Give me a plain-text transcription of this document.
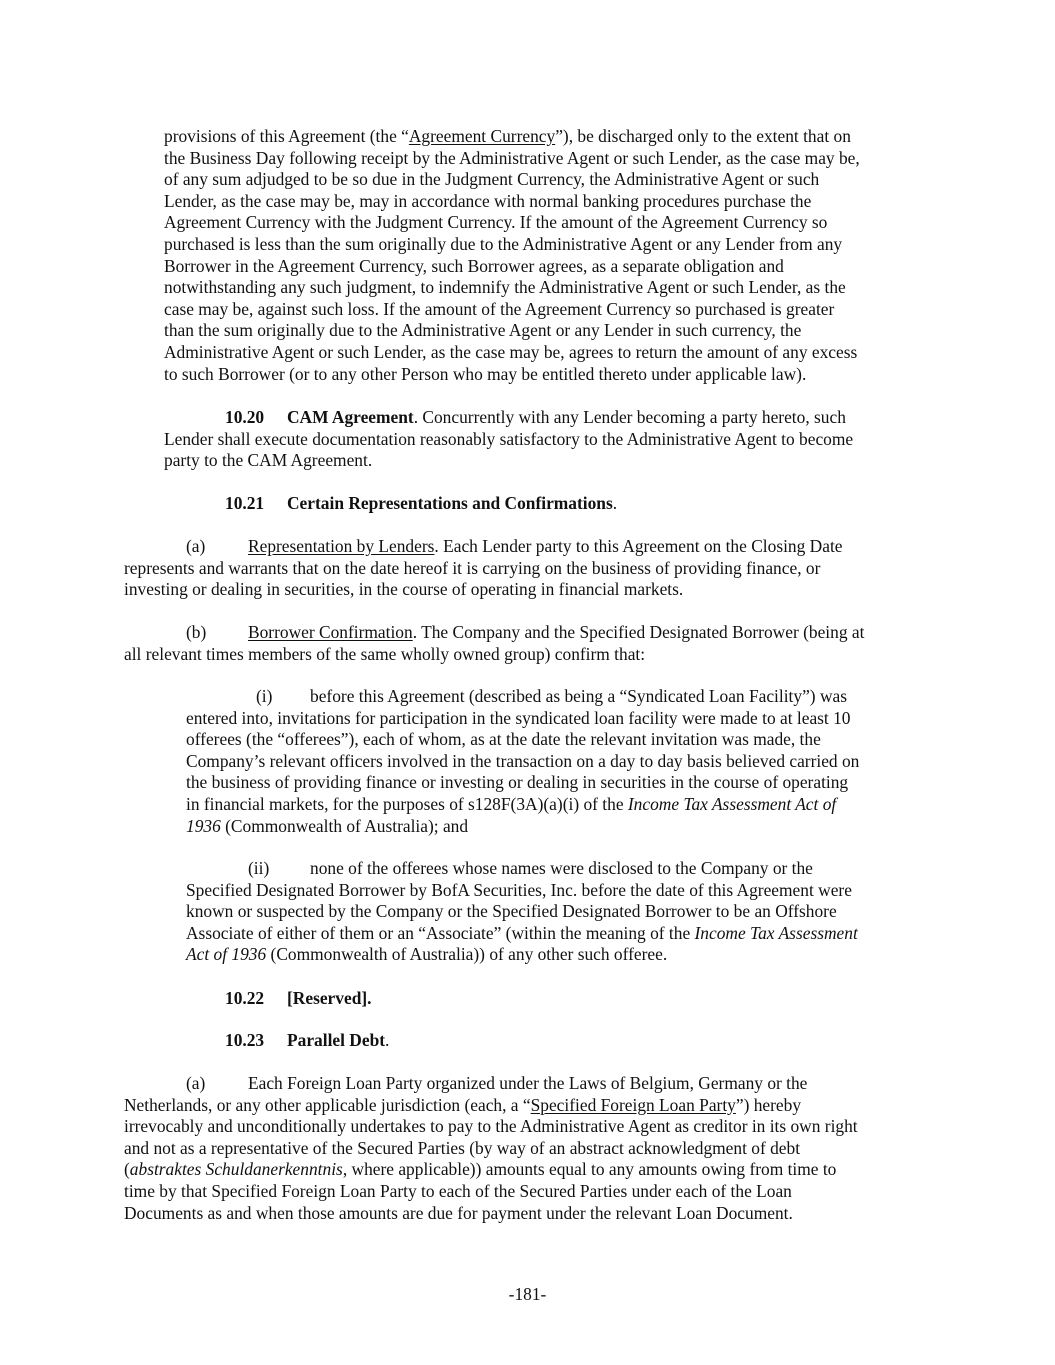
provisions of this Agreement (the “Agreement Currency”), be discharged only to the extent that on
the Business Day following receipt by the Administrative Agent or such Lender, as the case may be,
of any sum adjudged to be so due in the Judgment Currency, the Administrative Agent or such
Lender, as the case may be, may in accordance with normal banking procedures purchase the
Agreement Currency with the Judgment Currency. If the amount of the Agreement Currency so
purchased is less than the sum originally due to the Administrative Agent or any Lender from any
Borrower in the Agreement Currency, such Borrower agrees, as a separate obligation and
notwithstanding any such judgment, to indemnify the Administrative Agent or such Lender, as the
case may be, against such loss. If the amount of the Agreement Currency so purchased is greater
than the sum originally due to the Administrative Agent or any Lender in such currency, the
Administrative Agent or such Lender, as the case may be, agrees to return the amount of any excess
to such Borrower (or to any other Person who may be entitled thereto under applicable law).
10.20 CAM Agreement. Concurrently with any Lender becoming a party hereto, such
Lender shall execute documentation reasonably satisfactory to the Administrative Agent to become
party to the CAM Agreement.
10.21 Certain Representations and Confirmations.
(a) Representation by Lenders. Each Lender party to this Agreement on the Closing Date
represents and warrants that on the date hereof it is carrying on the business of providing finance, or
investing or dealing in securities, in the course of operating in financial markets.
(b) Borrower Confirmation. The Company and the Specified Designated Borrower (being at
all relevant times members of the same wholly owned group) confirm that:
(i) before this Agreement (described as being a “Syndicated Loan Facility”) was
entered into, invitations for participation in the syndicated loan facility were made to at least 10
offerees (the “offerees”), each of whom, as at the date the relevant invitation was made, the
Company’s relevant officers involved in the transaction on a day to day basis believed carried on
the business of providing finance or investing or dealing in securities in the course of operating
in financial markets, for the purposes of s128F(3A)(a)(i) of the Income Tax Assessment Act of
1936 (Commonwealth of Australia); and
(ii) none of the offerees whose names were disclosed to the Company or the
Specified Designated Borrower by BofA Securities, Inc. before the date of this Agreement were
known or suspected by the Company or the Specified Designated Borrower to be an Offshore
Associate of either of them or an “Associate” (within the meaning of the Income Tax Assessment
Act of 1936 (Commonwealth of Australia)) of any other such offeree.
10.22 [Reserved].
10.23 Parallel Debt.
(a) Each Foreign Loan Party organized under the Laws of Belgium, Germany or the
Netherlands, or any other applicable jurisdiction (each, a “Specified Foreign Loan Party”) hereby
irrevocably and unconditionally undertakes to pay to the Administrative Agent as creditor in its own right
and not as a representative of the Secured Parties (by way of an abstract acknowledgment of debt
(abstraktes Schuldanerkenntnis, where applicable)) amounts equal to any amounts owing from time to
time by that Specified Foreign Loan Party to each of the Secured Parties under each of the Loan
Documents as and when those amounts are due for payment under the relevant Loan Document.
-181-
